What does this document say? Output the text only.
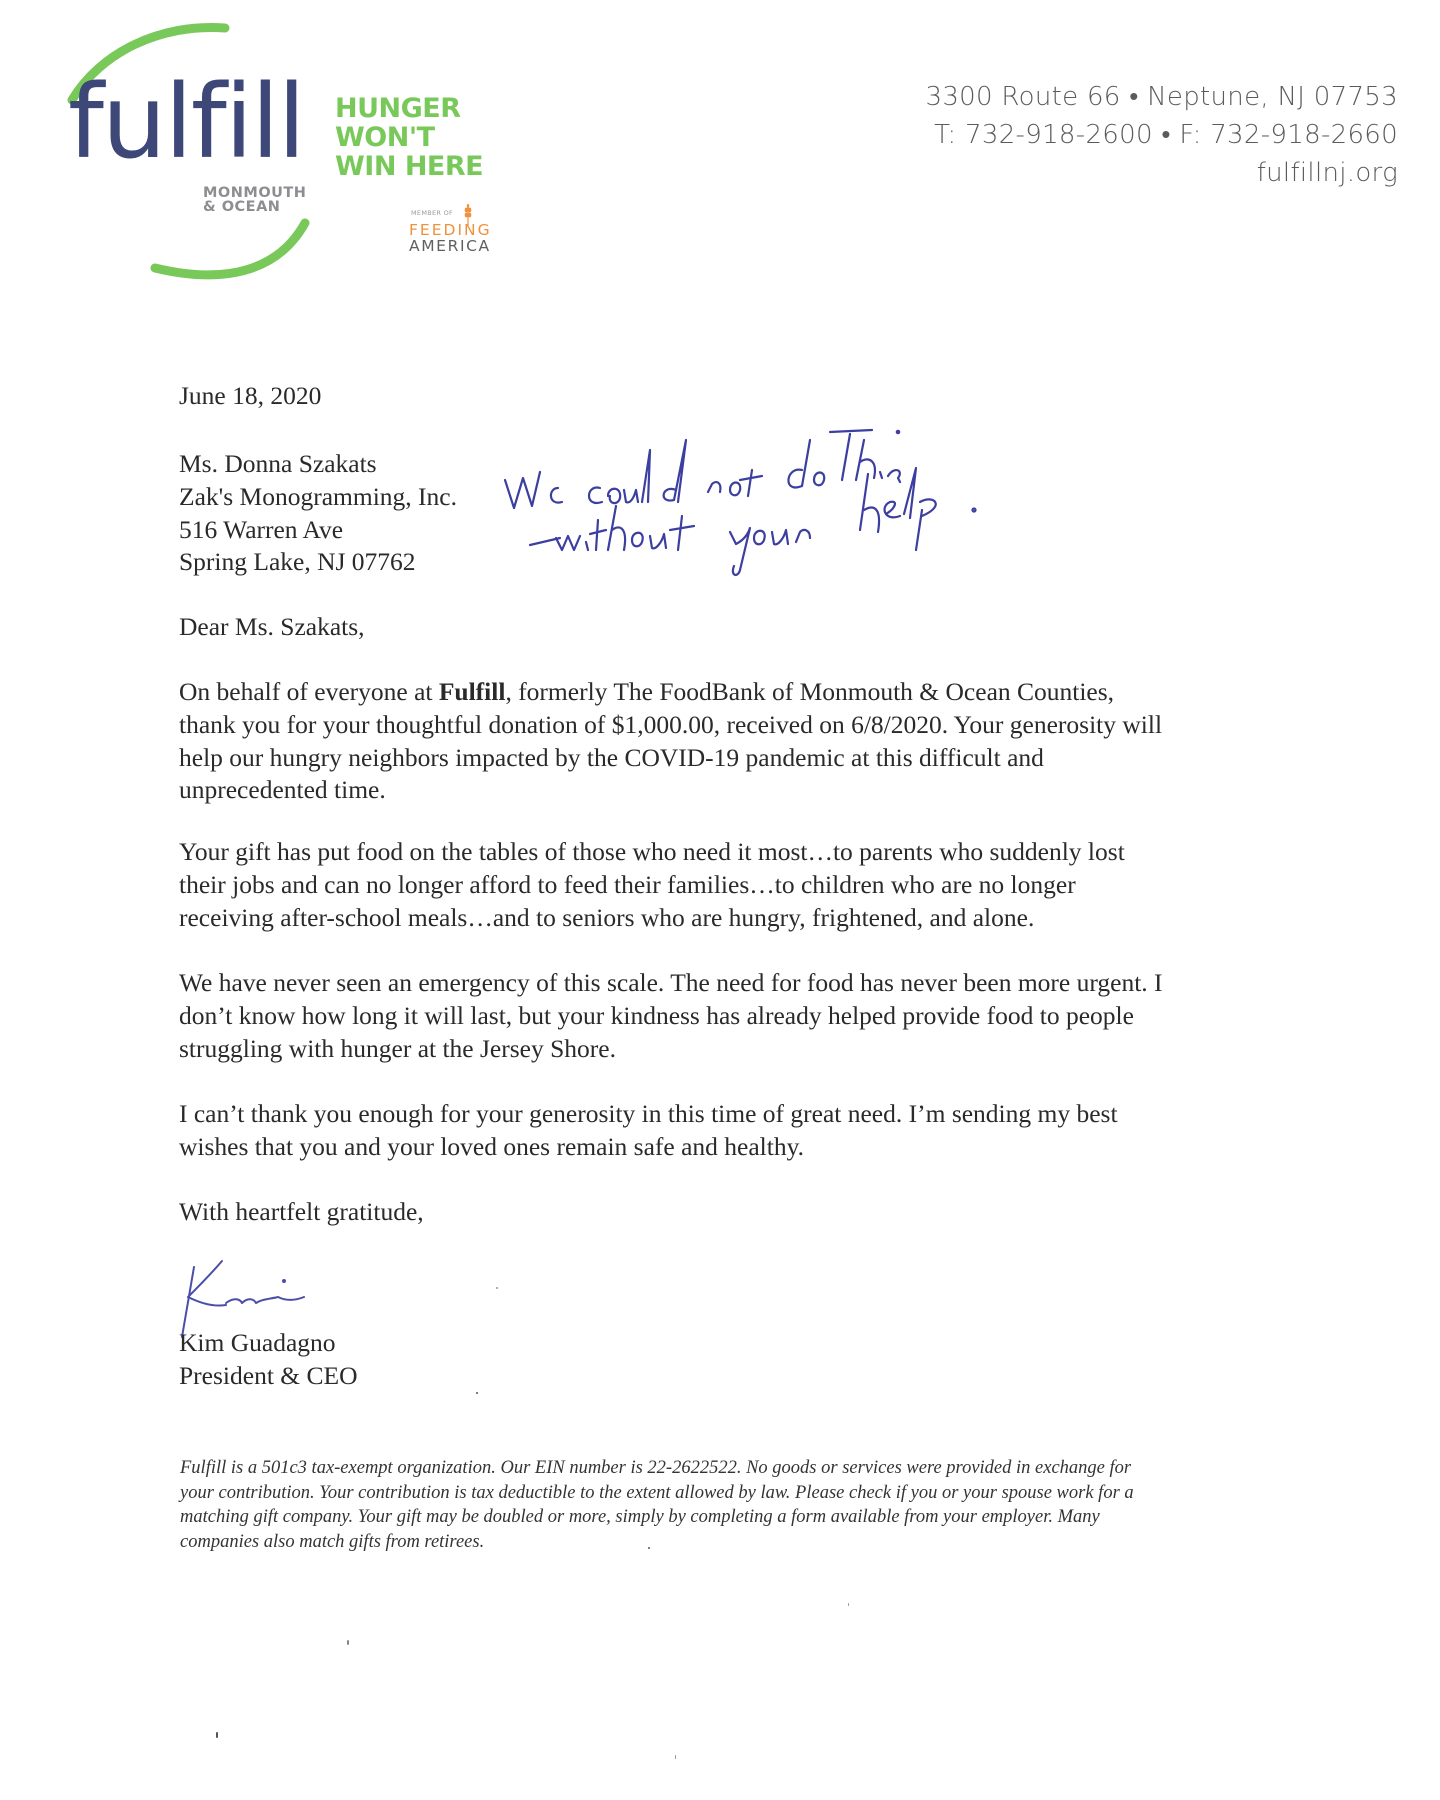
fulfill
MONMOUTH
& OCEAN
HUNGER
WON'T
WIN HERE
MEMBER OF
FEEDING
AMERICA
3300 Route 66 • Neptune, NJ 07753
T: 732-918-2600 • F: 732-918-2660
fulfillnj.org
June 18, 2020
Ms. Donna Szakats
Zak's Monogramming, Inc.
516 Warren Ave
Spring Lake, NJ 07762
Dear Ms. Szakats,
On behalf of everyone at Fulfill, formerly The FoodBank of Monmouth & Ocean Counties,
thank you for your thoughtful donation of $1,000.00, received on 6/8/2020. Your generosity will
help our hungry neighbors impacted by the COVID-19 pandemic at this difficult and
unprecedented time.
Your gift has put food on the tables of those who need it most…to parents who suddenly lost
their jobs and can no longer afford to feed their families…to children who are no longer
receiving after-school meals…and to seniors who are hungry, frightened, and alone.
We have never seen an emergency of this scale. The need for food has never been more urgent. I
don’t know how long it will last, but your kindness has already helped provide food to people
struggling with hunger at the Jersey Shore.
I can’t thank you enough for your generosity in this time of great need. I’m sending my best
wishes that you and your loved ones remain safe and healthy.
With heartfelt gratitude,
Kim Guadagno
President & CEO
Fulfill is a 501c3 tax-exempt organization. Our EIN number is 22-2622522. No goods or services were provided in exchange for
your contribution. Your contribution is tax deductible to the extent allowed by law. Please check if you or your spouse work for a
matching gift company. Your gift may be doubled or more, simply by completing a form available from your employer. Many
companies also match gifts from retirees.
